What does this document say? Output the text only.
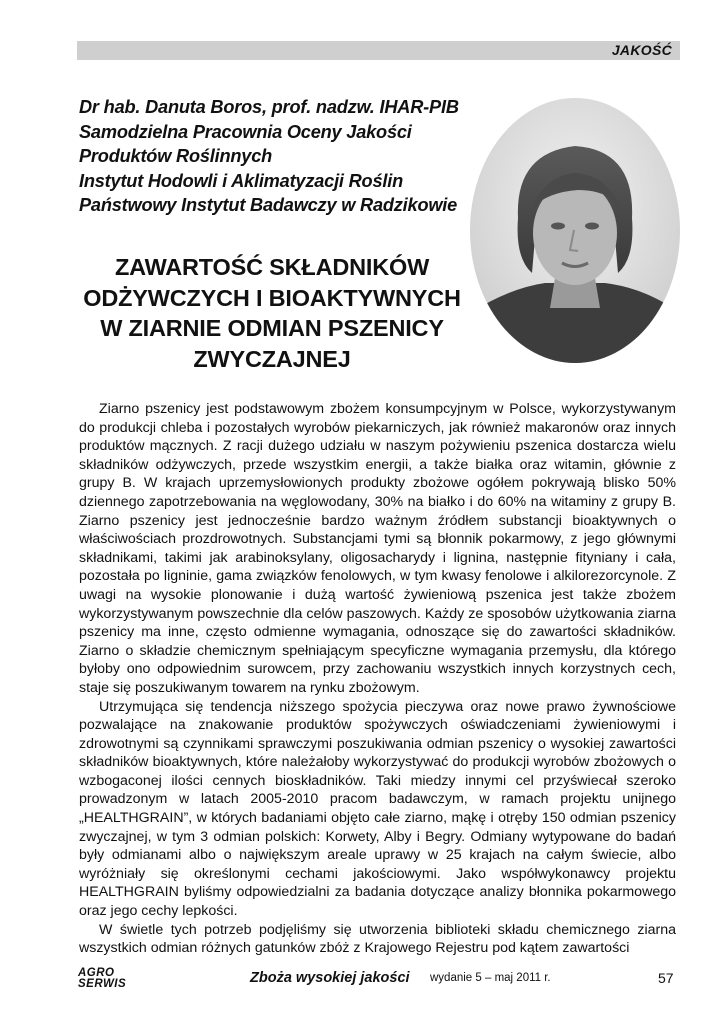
JAKOŚĆ
Dr hab. Danuta Boros, prof. nadzw. IHAR-PIB
Samodzielna Pracownia Oceny Jakości
Produktów Roślinnych
Instytut Hodowli i Aklimatyzacji Roślin
Państwowy Instytut Badawczy w Radzikowie
ZAWARTOŚĆ SKŁADNIKÓW
ODŻYWCZYCH I BIOAKTYWNYCH
W ZIARNIE ODMIAN PSZENICY
ZWYCZAJNEJ

Ziarno pszenicy jest podstawowym zbożem konsumpcyjnym w Polsce, wykorzystywanym do produkcji chleba i pozostałych wyrobów piekarniczych, jak również makaronów oraz innych produktów mącznych. Z racji dużego udziału w naszym pożywieniu pszenica dostarcza wielu składników odżywczych, przede wszystkim energii, a także białka oraz witamin, głównie z grupy B. W krajach uprzemysłowionych produkty zbożowe ogółem pokrywają blisko 50% dziennego zapotrzebowania na węglowodany, 30% na białko i do 60% na witaminy z grupy B. Ziarno pszenicy jest jednocześnie bardzo ważnym źródłem substancji bioaktywnych o właściwościach prozdrowotnych. Substancjami tymi są błonnik pokarmowy, z jego głównymi składnikami, takimi jak arabinoksylany, oligosacharydy i lignina, następnie fityniany i cała, pozostała po ligninie, gama związków fenolowych, w tym kwasy fenolowe i alkilorezorcynole. Z uwagi na wysokie plonowanie i dużą wartość żywieniową pszenica jest także zbożem wykorzystywanym powszechnie dla celów paszowych. Każdy ze sposobów użytkowania ziarna pszenicy ma inne, często odmienne wymagania, odnoszące się do zawartości składników. Ziarno o składzie chemicznym spełniającym specyficzne wymagania przemysłu, dla którego byłoby ono odpowiednim surowcem, przy zachowaniu wszystkich innych korzystnych cech, staje się poszukiwanym towarem na rynku zbożowym.

Utrzymująca się tendencja niższego spożycia pieczywa oraz nowe prawo żywnościowe pozwalające na znakowanie produktów spożywczych oświadczeniami żywieniowymi i zdrowotnymi są czynnikami sprawczymi poszukiwania odmian pszenicy o wysokiej zawartości składników bioaktywnych, które należałoby wykorzystywać do produkcji wyrobów zbożowych o wzbogaconej ilości cennych bioskładników. Taki miedzy innymi cel przyświecał szeroko prowadzonym w latach 2005-2010 pracom badawczym, w ramach projektu unijnego „HEALTHGRAIN”, w których badaniami objęto całe ziarno, mąkę i otręby 150 odmian pszenicy zwyczajnej, w tym 3 odmian polskich: Korwety, Alby i Begry. Odmiany wytypowane do badań były odmianami albo o największym areale uprawy w 25 krajach na całym świecie, albo wyróżniały się określonymi cechami jakościowymi. Jako współwykonawcy projektu HEALTHGRAIN byliśmy odpowiedzialni za badania dotyczące analizy błonnika pokarmowego oraz jego cechy lepkości.

W świetle tych potrzeb podjęliśmy się utworzenia biblioteki składu chemicznego ziarna wszystkich odmian różnych gatunków zbóż z Krajowego Rejestru pod kątem zawartości

AGRO
SERWIS	Zboża wysokiej jakości wydanie 5 – maj 2011 r.	57
